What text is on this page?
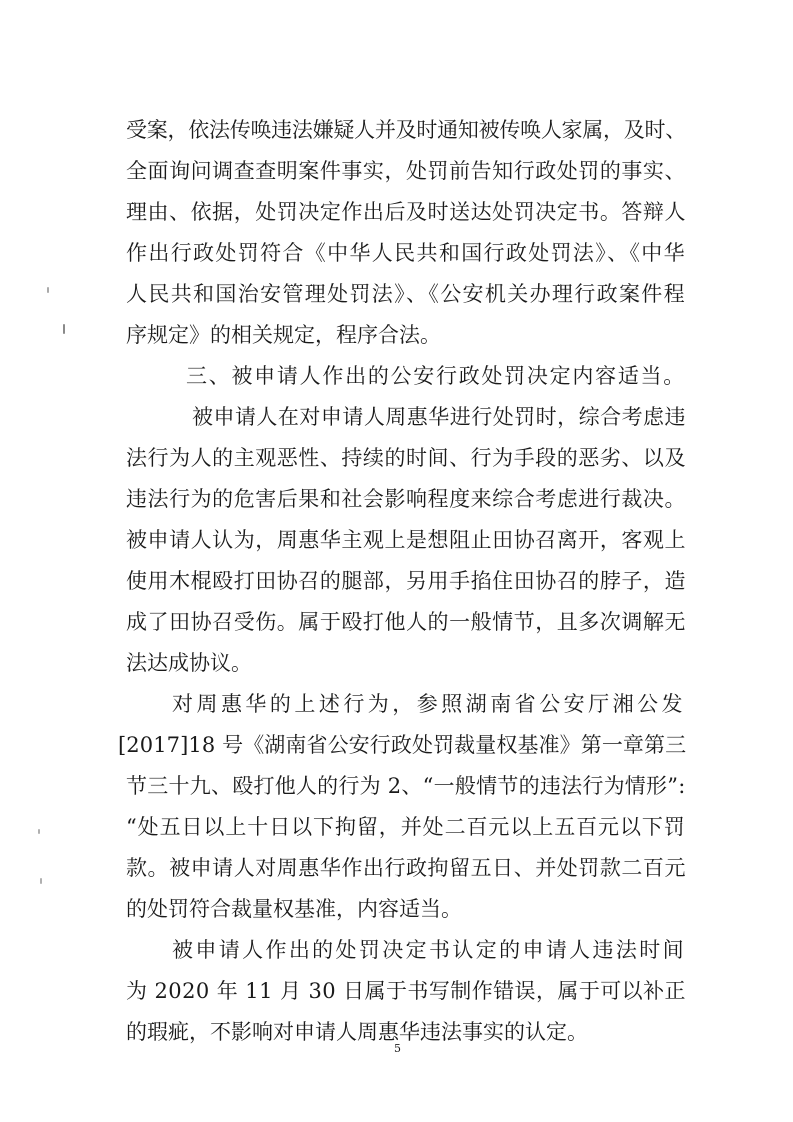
受案，依法传唤违法嫌疑人并及时通知被传唤人家属，及时、
全面询问调查查明案件事实，处罚前告知行政处罚的事实、
理由、依据，处罚决定作出后及时送达处罚决定书。答辩人
作出行政处罚符合《中华人民共和国行政处罚法》、《中华
人民共和国治安管理处罚法》、《公安机关办理行政案件程
序规定》的相关规定，程序合法。
三、被申请人作出的公安行政处罚决定内容适当。
被申请人在对申请人周惠华进行处罚时，综合考虑违
法行为人的主观恶性、持续的时间、行为手段的恶劣、以及
违法行为的危害后果和社会影响程度来综合考虑进行裁决。
被申请人认为，周惠华主观上是想阻止田协召离开，客观上
使用木棍殴打田协召的腿部，另用手掐住田协召的脖子，造
成了田协召受伤。属于殴打他人的一般情节，且多次调解无
法达成协议。
对周惠华的上述行为，参照湖南省公安厅湘公发
[2017]18 号《湖南省公安行政处罚裁量权基准》第一章第三
节三十九、殴打他人的行为 2、“一般情节的违法行为情形”:
“处五日以上十日以下拘留，并处二百元以上五百元以下罚
款。被申请人对周惠华作出行政拘留五日、并处罚款二百元
的处罚符合裁量权基准，内容适当。
被申请人作出的处罚决定书认定的申请人违法时间
为 2020 年 11 月 30 日属于书写制作错误，属于可以补正
的瑕疵，不影响对申请人周惠华违法事实的认定。
5
